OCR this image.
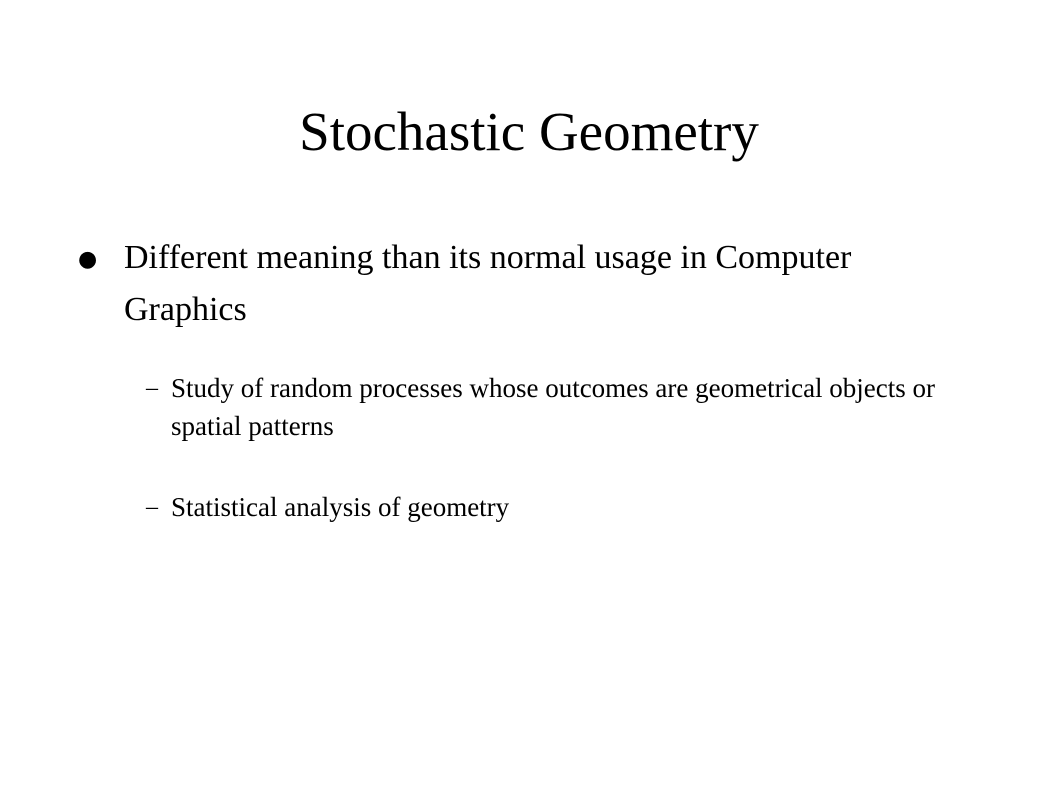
Stochastic Geometry
● Different meaning than its normal usage in Computer Graphics
– Study of random processes whose outcomes are geometrical objects or spatial patterns
– Statistical analysis of geometry
